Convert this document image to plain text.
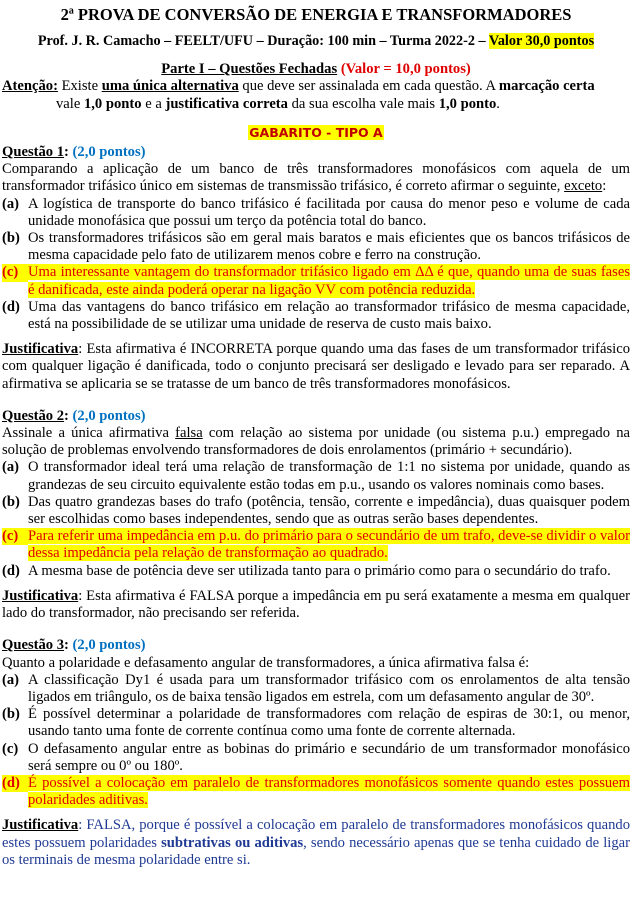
2ª PROVA DE CONVERSÃO DE ENERGIA E TRANSFORMADORES
Prof. J. R. Camacho – FEELT/UFU – Duração: 100 min – Turma 2022-2 – Valor 30,0 pontos
Parte I – Questões Fechadas (Valor = 10,0 pontos)
Atenção: Existe uma única alternativa que deve ser assinalada em cada questão. A marcação certa
vale 1,0 ponto e a justificativa correta da sua escolha vale mais 1,0 ponto.
GABARITO - TIPO A
Questão 1: (2,0 pontos)
Comparando a aplicação de um banco de três transformadores monofásicos com aquela de um transformador trifásico único em sistemas de transmissão trifásico, é correto afirmar o seguinte, exceto:
(a) A logística de transporte do banco trifásico é facilitada por causa do menor peso e volume de cada unidade monofásica que possui um terço da potência total do banco.
(b) Os transformadores trifásicos são em geral mais baratos e mais eficientes que os bancos trifásicos de mesma capacidade pelo fato de utilizarem menos cobre e ferro na construção.
(c) Uma interessante vantagem do transformador trifásico ligado em ΔΔ é que, quando uma de suas fases é danificada, este ainda poderá operar na ligação VV com potência reduzida.
(d) Uma das vantagens do banco trifásico em relação ao transformador trifásico de mesma capacidade, está na possibilidade de se utilizar uma unidade de reserva de custo mais baixo.
Justificativa: Esta afirmativa é INCORRETA porque quando uma das fases de um transformador trifásico com qualquer ligação é danificada, todo o conjunto precisará ser desligado e levado para ser reparado. A afirmativa se aplicaria se se tratasse de um banco de três transformadores monofásicos.
Questão 2: (2,0 pontos)
Assinale a única afirmativa falsa com relação ao sistema por unidade (ou sistema p.u.) empregado na solução de problemas envolvendo transformadores de dois enrolamentos (primário + secundário).
(a) O transformador ideal terá uma relação de transformação de 1:1 no sistema por unidade, quando as grandezas de seu circuito equivalente estão todas em p.u., usando os valores nominais como bases.
(b) Das quatro grandezas bases do trafo (potência, tensão, corrente e impedância), duas quaisquer podem ser escolhidas como bases independentes, sendo que as outras serão bases dependentes.
(c) Para referir uma impedância em p.u. do primário para o secundário de um trafo, deve-se dividir o valor dessa impedância pela relação de transformação ao quadrado.
(d) A mesma base de potência deve ser utilizada tanto para o primário como para o secundário do trafo.
Justificativa: Esta afirmativa é FALSA porque a impedância em pu será exatamente a mesma em qualquer lado do transformador, não precisando ser referida.
Questão 3: (2,0 pontos)
Quanto a polaridade e defasamento angular de transformadores, a única afirmativa falsa é:
(a) A classificação Dy1 é usada para um transformador trifásico com os enrolamentos de alta tensão ligados em triângulo, os de baixa tensão ligados em estrela, com um defasamento angular de 30º.
(b) É possível determinar a polaridade de transformadores com relação de espiras de 30:1, ou menor, usando tanto uma fonte de corrente contínua como uma fonte de corrente alternada.
(c) O defasamento angular entre as bobinas do primário e secundário de um transformador monofásico será sempre ou 0º ou 180º.
(d) É possível a colocação em paralelo de transformadores monofásicos somente quando estes possuem polaridades aditivas.
Justificativa: FALSA, porque é possível a colocação em paralelo de transformadores monofásicos quando estes possuem polaridades subtrativas ou aditivas, sendo necessário apenas que se tenha cuidado de ligar os terminais de mesma polaridade entre si.
